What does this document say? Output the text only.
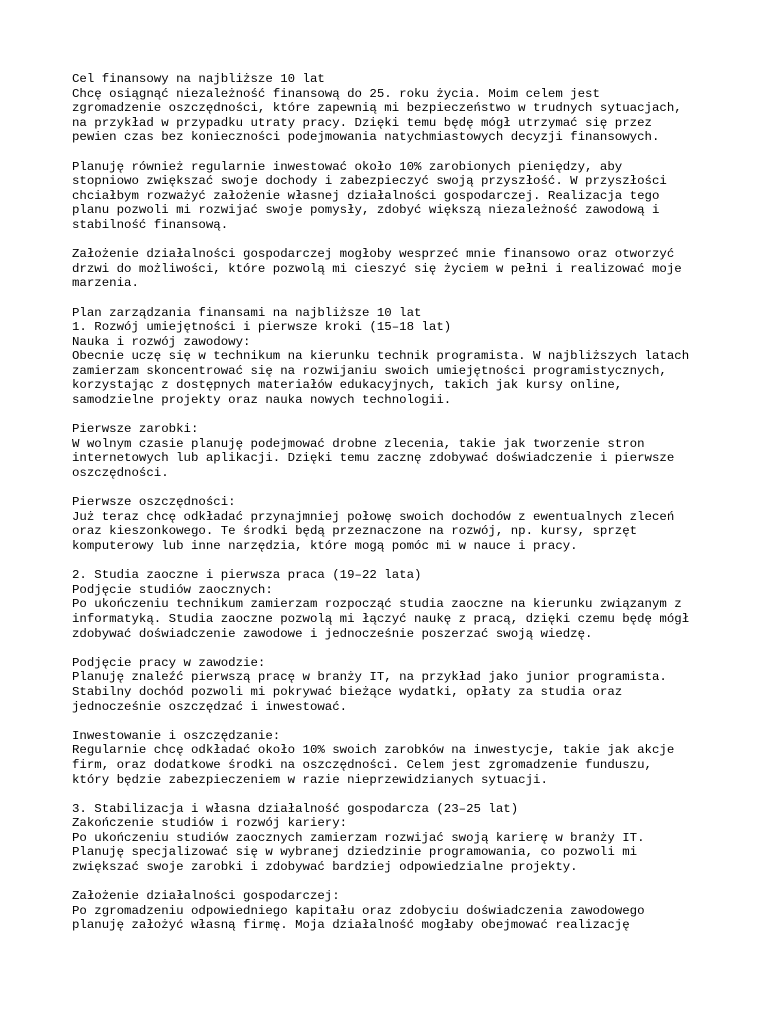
Cel finansowy na najbliższe 10 lat
Chcę osiągnąć niezależność finansową do 25. roku życia. Moim celem jest
zgromadzenie oszczędności, które zapewnią mi bezpieczeństwo w trudnych sytuacjach,
na przykład w przypadku utraty pracy. Dzięki temu będę mógł utrzymać się przez
pewien czas bez konieczności podejmowania natychmiastowych decyzji finansowych.
Planuję również regularnie inwestować około 10% zarobionych pieniędzy, aby
stopniowo zwiększać swoje dochody i zabezpieczyć swoją przyszłość. W przyszłości
chciałbym rozważyć założenie własnej działalności gospodarczej. Realizacja tego
planu pozwoli mi rozwijać swoje pomysły, zdobyć większą niezależność zawodową i
stabilność finansową.
Założenie działalności gospodarczej mogłoby wesprzeć mnie finansowo oraz otworzyć
drzwi do możliwości, które pozwolą mi cieszyć się życiem w pełni i realizować moje
marzenia.
Plan zarządzania finansami na najbliższe 10 lat
1. Rozwój umiejętności i pierwsze kroki (15–18 lat)
Nauka i rozwój zawodowy:
Obecnie uczę się w technikum na kierunku technik programista. W najbliższych latach
zamierzam skoncentrować się na rozwijaniu swoich umiejętności programistycznych,
korzystając z dostępnych materiałów edukacyjnych, takich jak kursy online,
samodzielne projekty oraz nauka nowych technologii.
Pierwsze zarobki:
W wolnym czasie planuję podejmować drobne zlecenia, takie jak tworzenie stron
internetowych lub aplikacji. Dzięki temu zacznę zdobywać doświadczenie i pierwsze
oszczędności.
Pierwsze oszczędności:
Już teraz chcę odkładać przynajmniej połowę swoich dochodów z ewentualnych zleceń
oraz kieszonkowego. Te środki będą przeznaczone na rozwój, np. kursy, sprzęt
komputerowy lub inne narzędzia, które mogą pomóc mi w nauce i pracy.
2. Studia zaoczne i pierwsza praca (19–22 lata)
Podjęcie studiów zaocznych:
Po ukończeniu technikum zamierzam rozpocząć studia zaoczne na kierunku związanym z
informatyką. Studia zaoczne pozwolą mi łączyć naukę z pracą, dzięki czemu będę mógł
zdobywać doświadczenie zawodowe i jednocześnie poszerzać swoją wiedzę.
Podjęcie pracy w zawodzie:
Planuję znaleźć pierwszą pracę w branży IT, na przykład jako junior programista.
Stabilny dochód pozwoli mi pokrywać bieżące wydatki, opłaty za studia oraz
jednocześnie oszczędzać i inwestować.
Inwestowanie i oszczędzanie:
Regularnie chcę odkładać około 10% swoich zarobków na inwestycje, takie jak akcje
firm, oraz dodatkowe środki na oszczędności. Celem jest zgromadzenie funduszu,
który będzie zabezpieczeniem w razie nieprzewidzianych sytuacji.
3. Stabilizacja i własna działalność gospodarcza (23–25 lat)
Zakończenie studiów i rozwój kariery:
Po ukończeniu studiów zaocznych zamierzam rozwijać swoją karierę w branży IT.
Planuję specjalizować się w wybranej dziedzinie programowania, co pozwoli mi
zwiększać swoje zarobki i zdobywać bardziej odpowiedzialne projekty.
Założenie działalności gospodarczej:
Po zgromadzeniu odpowiedniego kapitału oraz zdobyciu doświadczenia zawodowego
planuję założyć własną firmę. Moja działalność mogłaby obejmować realizację
